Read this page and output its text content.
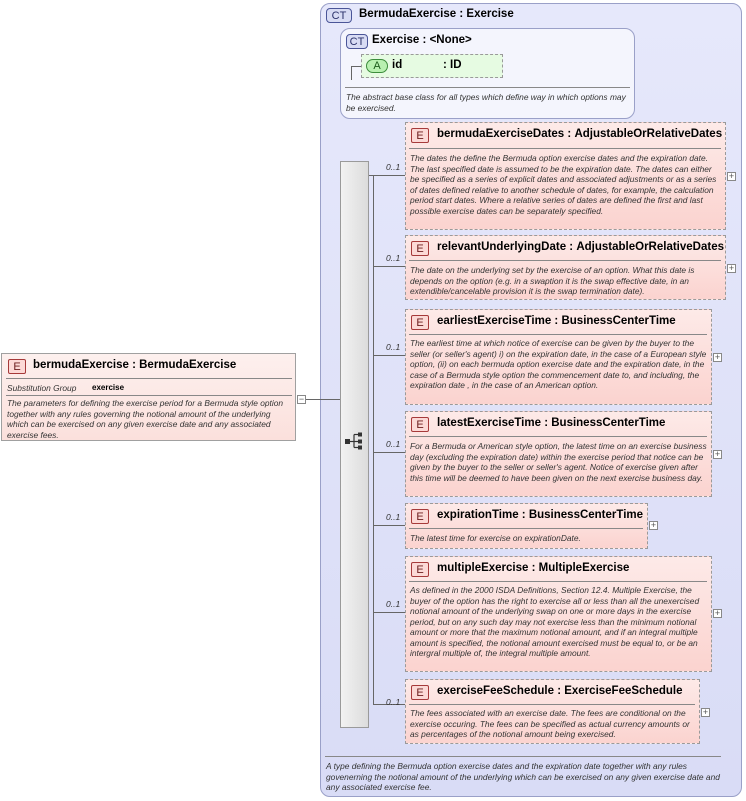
CT	BermudaExercise : Exercise
CT Exercise : <None>
A id	: ID
The abstract base class for all types which define way in which options may be exercised.
E	bermudaExercise : BermudaExercise
Substitution Group exercise
The parameters for defining the exercise period for a Bermuda style option together with any rules governing the notional amount of the underlying which can be exercised on any given exercise date and any associated exercise fees.
−
0..1
E	bermudaExerciseDates : AdjustableOrRelativeDates
The dates the define the Bermuda option exercise dates and the expiration date. The last specified date is assumed to be the expiration date. The dates can either be specified as a series of explicit dates and associated adjustments or as a series of dates defined relative to another schedule of dates, for example, the calculation period start dates. Where a relative series of dates are defined the first and last possible exercise dates can be separately specified.
+
0..1
E	relevantUnderlyingDate : AdjustableOrRelativeDates
The date on the underlying set by the exercise of an option. What this date is depends on the option (e.g. in a swaption it is the swap effective date, in an extendible/cancelable provision it is the swap termination date).
+
0..1
E	earliestExerciseTime : BusinessCenterTime
The earliest time at which notice of exercise can be given by the buyer to the seller (or seller's agent) i) on the expiration date, in the case of a European style option, (ii) on each bermuda option exercise date and the expiration date, in the case of a Bermuda style option the commencement date to, and including, the expiration date , in the case of an American option.
+
0..1
E	latestExerciseTime : BusinessCenterTime
For a Bermuda or American style option, the latest time on an exercise business day (excluding the expiration date) within the exercise period that notice can be given by the buyer to the seller or seller's agent. Notice of exercise given after this time will be deemed to have been given on the next exercise business day.
+
0..1	E	expirationTime : BusinessCenterTime
The latest time for exercise on expirationDate.
+
0..1
E	multipleExercise : MultipleExercise
As defined in the 2000 ISDA Definitions, Section 12.4. Multiple Exercise, the buyer of the option has the right to exercise all or less than all the unexercised notional amount of the underlying swap on one or more days in the exercise period, but on any such day may not exercise less than the minimum notional amount or more that the maximum notional amount, and if an integral multiple amount is specified, the notional amount exercised must be equal to, or be an intergral multiple of, the integral multiple amount.
+
0..1
E	exerciseFeeSchedule : ExerciseFeeSchedule
The fees associated with an exercise date. The fees are conditional on the exercise occuring. The fees can be specified as actual currency amounts or as percentages of the notional amount being exercised.
+
A type defining the Bermuda option exercise dates and the expiration date together with any rules govenerning the notional amount of the underlying which can be exercised on any given exercise date and any associated exercise fee.
